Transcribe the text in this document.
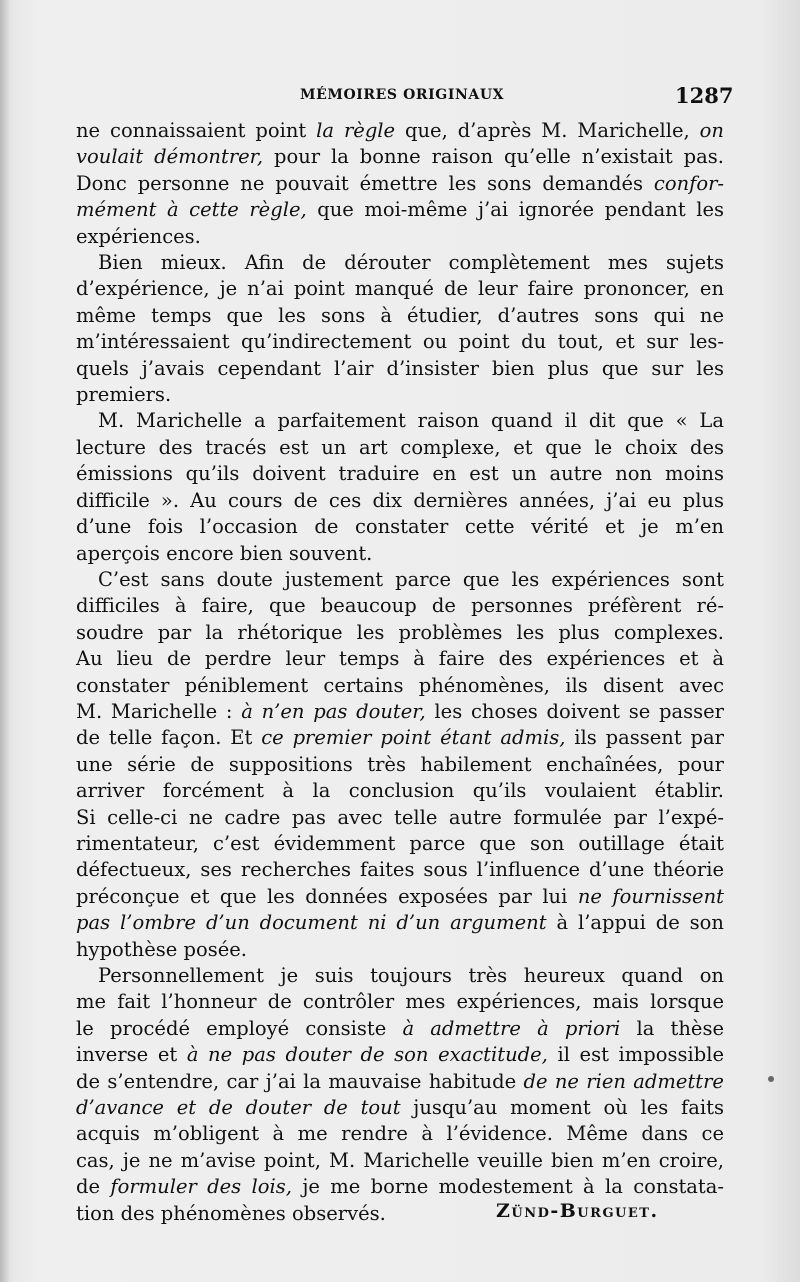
MÉMOIRES ORIGINAUX	1287

ne connaissaient point la règle que, d’après M. Marichelle, on
voulait démontrer, pour la bonne raison qu’elle n’existait pas.
Donc personne ne pouvait émettre les sons demandés confor-
mément à cette règle, que moi-même j’ai ignorée pendant les
expériences.

Bien mieux. Afin de dérouter complètement mes sujets
d’expérience, je n’ai point manqué de leur faire prononcer, en
même temps que les sons à étudier, d’autres sons qui ne
m’intéressaient qu’indirectement ou point du tout, et sur les-
quels j’avais cependant l’air d’insister bien plus que sur les
premiers.

M. Marichelle a parfaitement raison quand il dit que « La
lecture des tracés est un art complexe, et que le choix des
émissions qu’ils doivent traduire en est un autre non moins
difficile ». Au cours de ces dix dernières années, j’ai eu plus
d’une fois l’occasion de constater cette vérité et je m’en
aperçois encore bien souvent.

C’est sans doute justement parce que les expériences sont
difficiles à faire, que beaucoup de personnes préfèrent ré-
soudre par la rhétorique les problèmes les plus complexes.
Au lieu de perdre leur temps à faire des expériences et à
constater péniblement certains phénomènes, ils disent avec
M. Marichelle : à n’en pas douter, les choses doivent se passer
de telle façon. Et ce premier point étant admis, ils passent par
une série de suppositions très habilement enchaînées, pour
arriver forcément à la conclusion qu’ils voulaient établir.
Si celle-ci ne cadre pas avec telle autre formulée par l’expé-
rimentateur, c’est évidemment parce que son outillage était
défectueux, ses recherches faites sous l’influence d’une théorie
préconçue et que les données exposées par lui ne fournissent
pas l’ombre d’un document ni d’un argument à l’appui de son
hypothèse posée.

Personnellement je suis toujours très heureux quand on
me fait l’honneur de contrôler mes expériences, mais lorsque
le procédé employé consiste à admettre à priori la thèse
inverse et à ne pas douter de son exactitude, il est impossible
de s’entendre, car j’ai la mauvaise habitude de ne rien admettre
d’avance et de douter de tout jusqu’au moment où les faits
acquis m’obligent à me rendre à l’évidence. Même dans ce
cas, je ne m’avise point, M. Marichelle veuille bien m’en croire,
de formuler des lois, je me borne modestement à la constata-
tion des phénomènes observés.	Zünd-Burguet.
